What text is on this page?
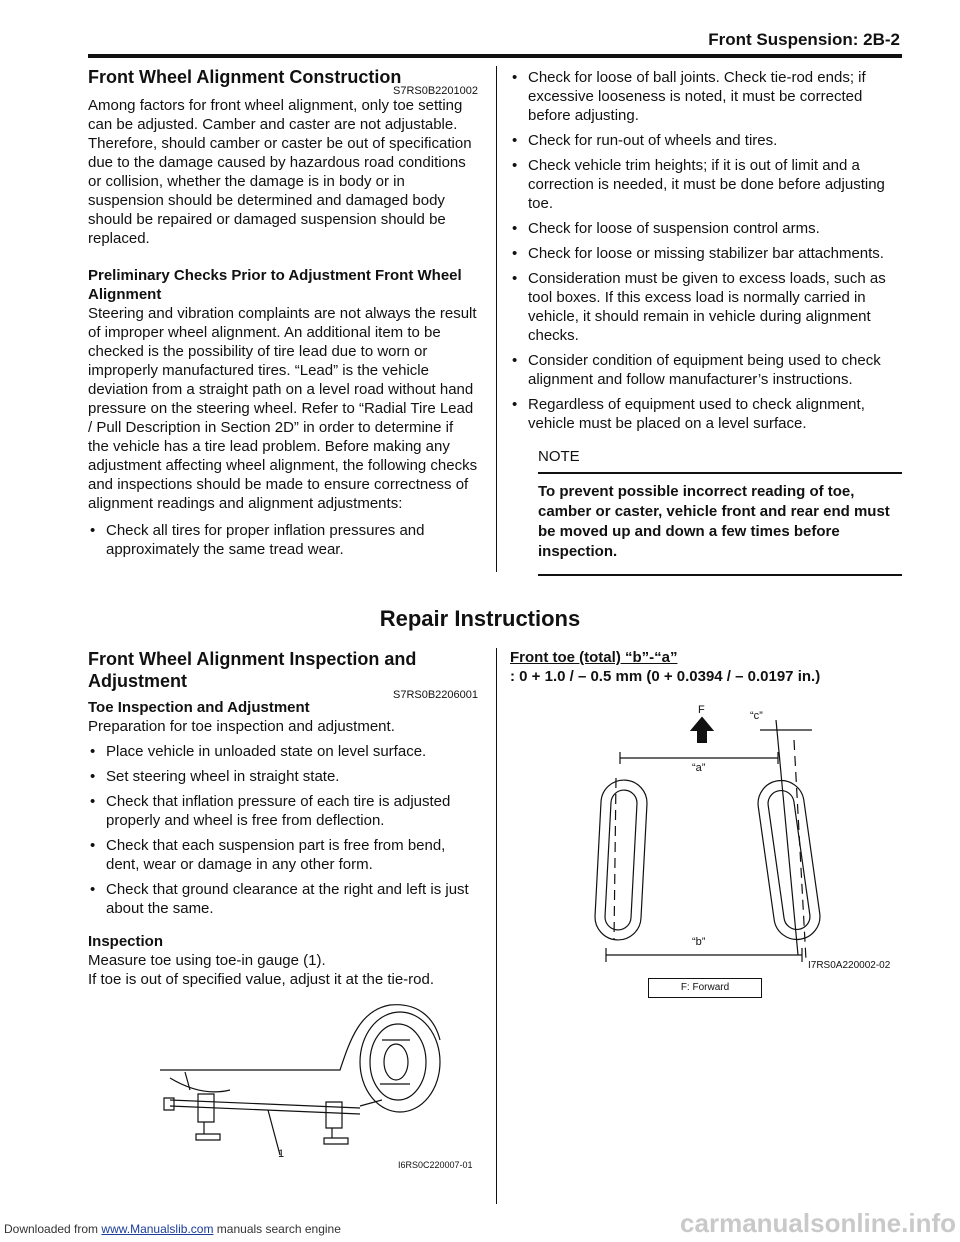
Front Suspension: 2B-2
Front Wheel Alignment Construction
S7RS0B2201002

Among factors for front wheel alignment, only toe setting can be adjusted. Camber and caster are not adjustable. Therefore, should camber or caster be out of specification due to the damage caused by hazardous road conditions or collision, whether the damage is in body or in suspension should be determined and damaged body should be repaired or damaged suspension should be replaced.

Preliminary Checks Prior to Adjustment Front Wheel Alignment

Steering and vibration complaints are not always the result of improper wheel alignment. An additional item to be checked is the possibility of tire lead due to worn or improperly manufactured tires. “Lead” is the vehicle deviation from a straight path on a level road without hand pressure on the steering wheel. Refer to “Radial Tire Lead / Pull Description in Section 2D” in order to determine if the vehicle has a tire lead problem. Before making any adjustment affecting wheel alignment, the following checks and inspections should be made to ensure correctness of alignment readings and alignment adjustments:

• Check all tires for proper inflation pressures and approximately the same tread wear.
• Check for loose of ball joints. Check tie-rod ends; if excessive looseness is noted, it must be corrected before adjusting.
• Check for run-out of wheels and tires.
• Check vehicle trim heights; if it is out of limit and a correction is needed, it must be done before adjusting toe.
• Check for loose of suspension control arms.
• Check for loose or missing stabilizer bar attachments.
• Consideration must be given to excess loads, such as tool boxes. If this excess load is normally carried in vehicle, it should remain in vehicle during alignment checks.
• Consider condition of equipment being used to check alignment and follow manufacturer’s instructions.
• Regardless of equipment used to check alignment, vehicle must be placed on a level surface.
NOTE
To prevent possible incorrect reading of toe, camber or caster, vehicle front and rear end must be moved up and down a few times before inspection.
Repair Instructions
Front Wheel Alignment Inspection and Adjustment
S7RS0B2206001

Toe Inspection and Adjustment

Preparation for toe inspection and adjustment.

• Place vehicle in unloaded state on level surface.
• Set steering wheel in straight state.
• Check that inflation pressure of each tire is adjusted properly and wheel is free from deflection.
• Check that each suspension part is free from bend, dent, wear or damage in any other form.
• Check that ground clearance at the right and left is just about the same.

Inspection

Measure toe using toe-in gauge (1).

If toe is out of specified value, adjust it at the tie-rod.

1
I6RS0C220007-01

Front toe (total) “b”-“a”

: 0 + 1.0 / – 0.5 mm (0 + 0.0394 / – 0.0197 in.)

F
“a”
“c”
“b”
I7RS0A220002-02
F: Forward
Downloaded from www.Manualslib.com manuals search engine	carmanualsonline.info
